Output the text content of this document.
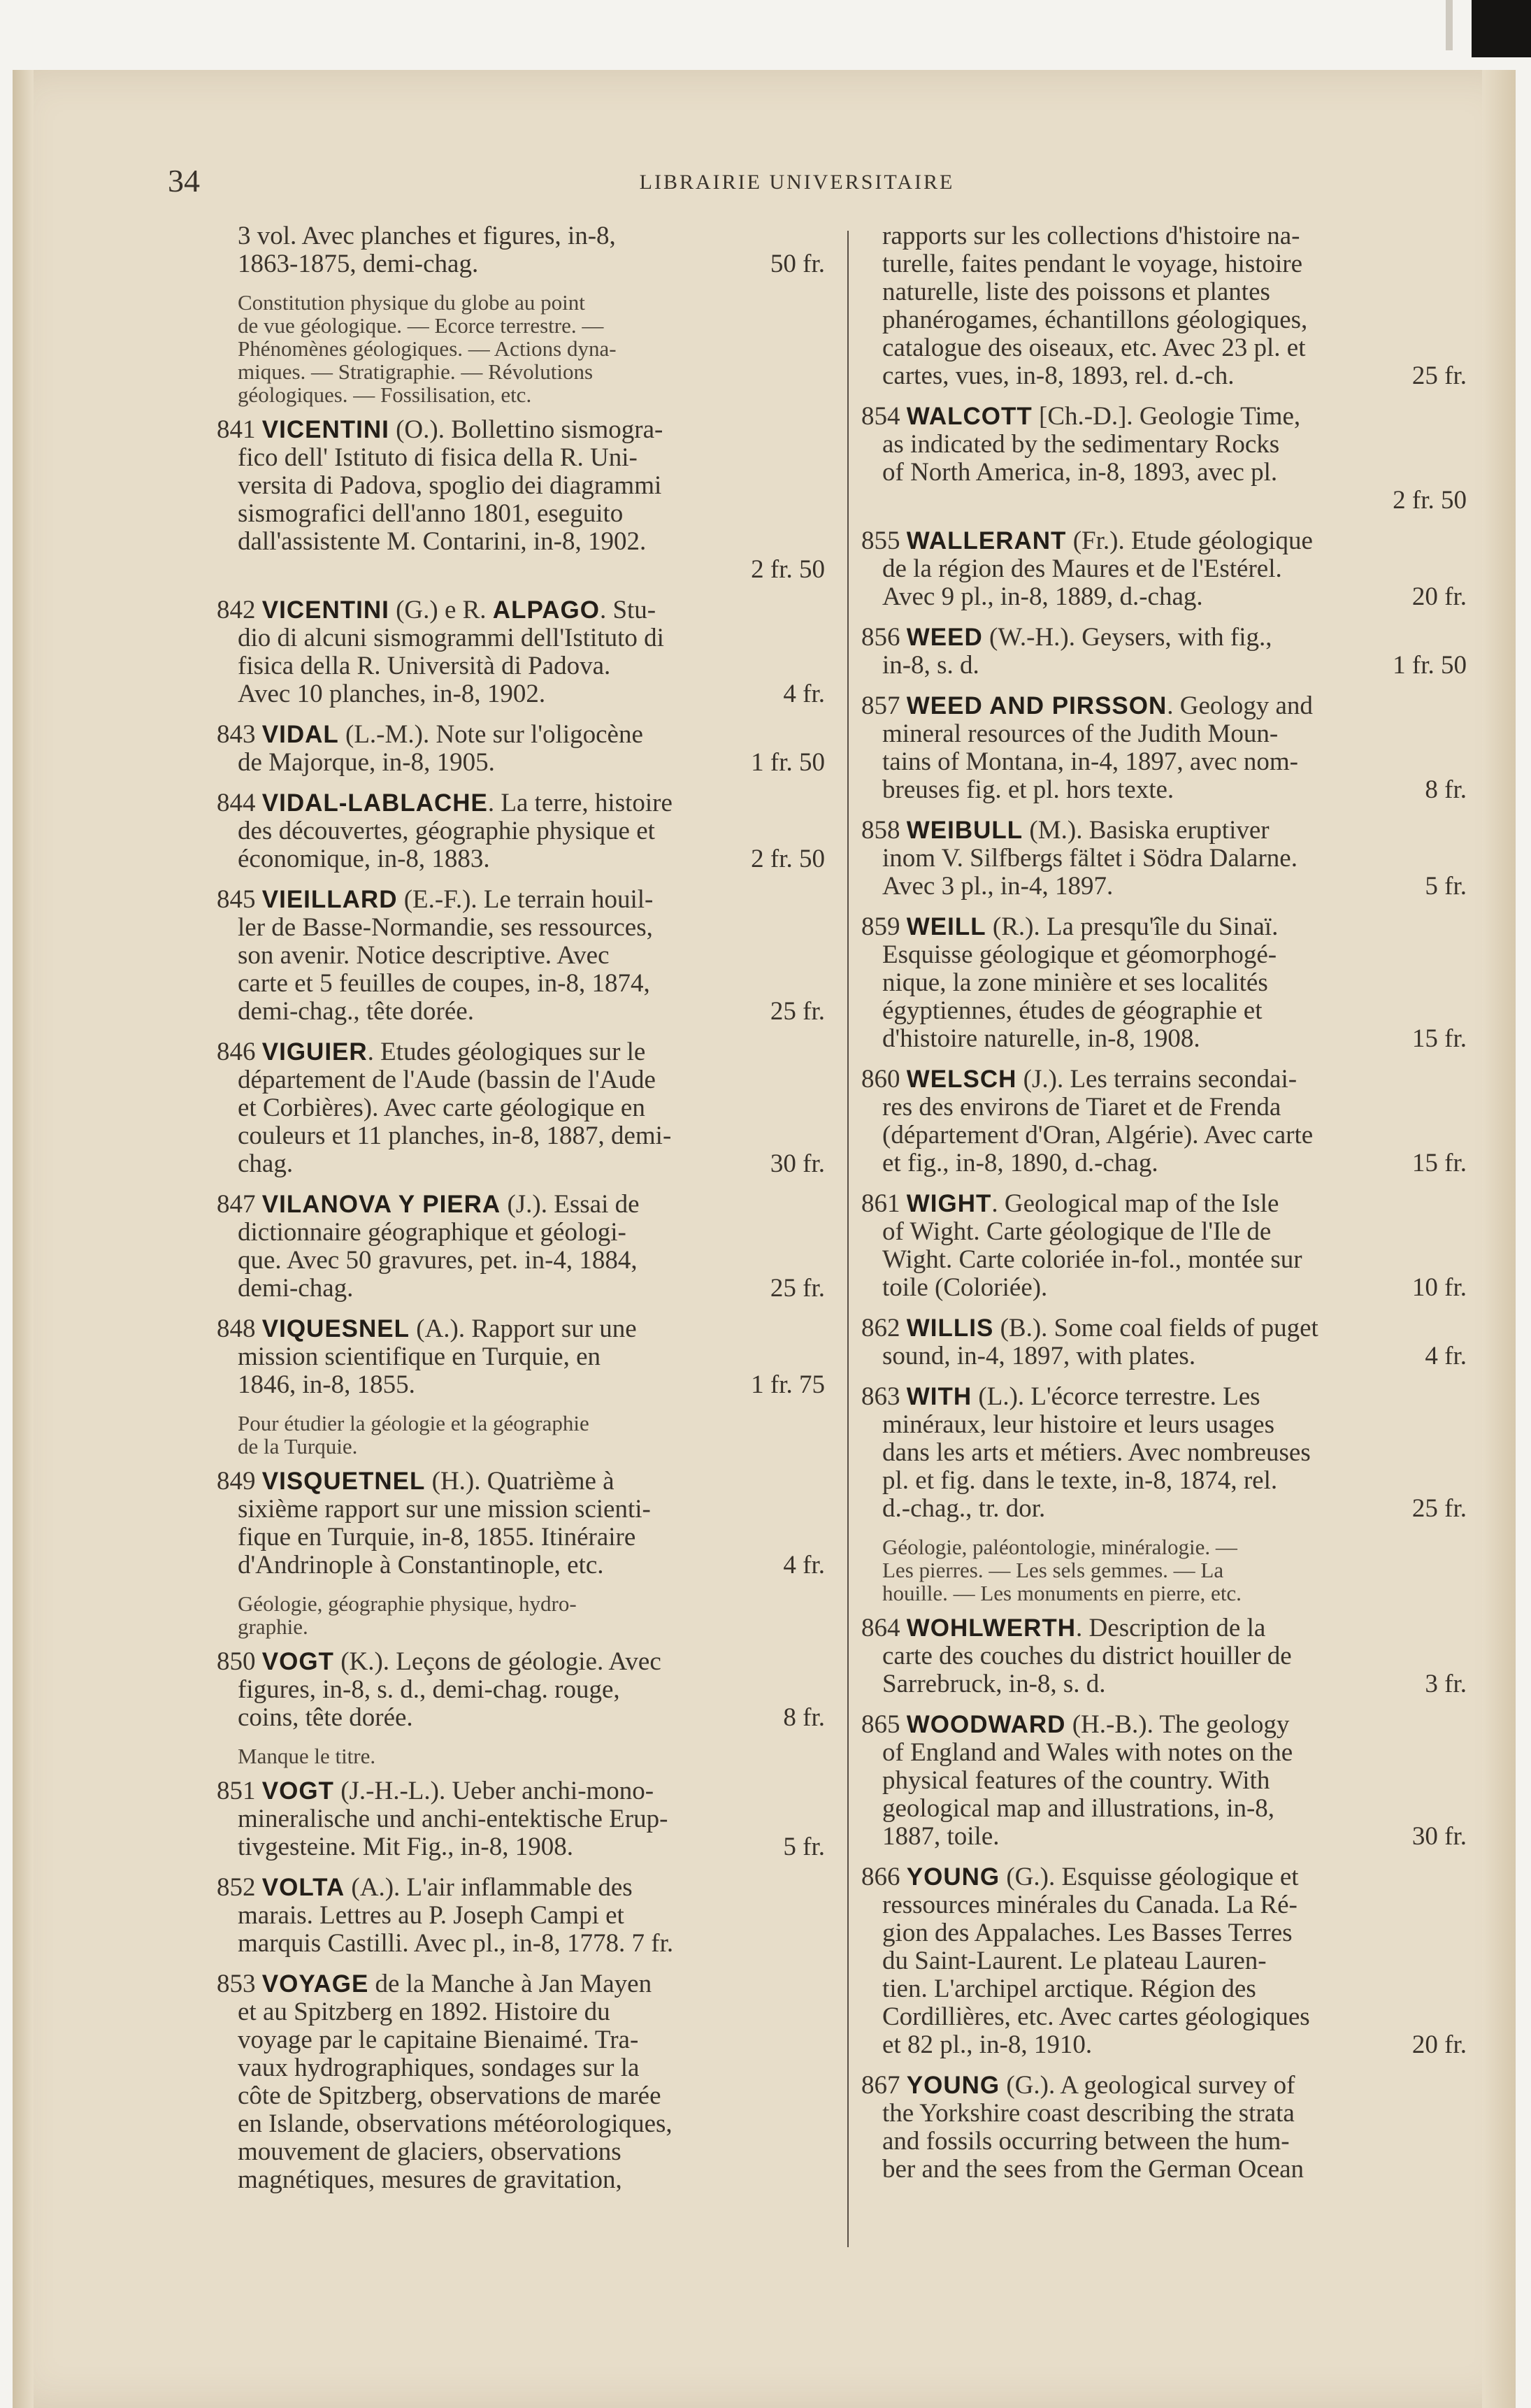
34	LIBRAIRIE UNIVERSITAIRE
3 vol. Avec planches et figures, in-8,
1863-1875, demi-chag.	50 fr.
Constitution physique du globe au point
de vue géologique. — Ecorce terrestre. —
Phénomènes géologiques. — Actions dyna-
miques. — Stratigraphie. — Révolutions
géologiques. — Fossilisation, etc.
841 VICENTINI (O.). Bollettino sismogra-
fico dell' Istituto di fisica della R. Uni-
versita di Padova, spoglio dei diagrammi
sismografici dell'anno 1801, eseguito
dall'assistente M. Contarini, in-8, 1902.
2 fr. 50

842 VICENTINI (G.) e R. ALPAGO. Stu-
dio di alcuni sismogrammi dell'Istituto di
fisica della R. Università di Padova.
Avec 10 planches, in-8, 1902.	4 fr.
843 VIDAL (L.-M.). Note sur l'oligocène
de Majorque, in-8, 1905.	1 fr. 50
844 VIDAL-LABLACHE. La terre, histoire
des découvertes, géographie physique et
économique, in-8, 1883.	2 fr. 50
845 VIEILLARD (E.-F.). Le terrain houil-
ler de Basse-Normandie, ses ressources,
son avenir. Notice descriptive. Avec
carte et 5 feuilles de coupes, in-8, 1874,
demi-chag., tête dorée.	25 fr.
846 VIGUIER. Etudes géologiques sur le
département de l'Aude (bassin de l'Aude
et Corbières). Avec carte géologique en
couleurs et 11 planches, in-8, 1887, demi-
chag.	30 fr.
847 VILANOVA Y PIERA (J.). Essai de
dictionnaire géographique et géologi-
que. Avec 50 gravures, pet. in-4, 1884,
demi-chag.	25 fr.
848 VIQUESNEL (A.). Rapport sur une
mission scientifique en Turquie, en
1846, in-8, 1855.	1 fr. 75
Pour étudier la géologie et la géographie
de la Turquie.
849 VISQUETNEL (H.). Quatrième à
sixième rapport sur une mission scienti-
fique en Turquie, in-8, 1855. Itinéraire
d'Andrinople à Constantinople, etc.	4 fr.
Géologie, géographie physique, hydro-
graphie.
850 VOGT (K.). Leçons de géologie. Avec
figures, in-8, s. d., demi-chag. rouge,
coins, tête dorée.	8 fr.
Manque le titre.
851 VOGT (J.-H.-L.). Ueber anchi-mono-
mineralische und anchi-entektische Erup-
tivgesteine. Mit Fig., in-8, 1908.	5 fr.
852 VOLTA (A.). L'air inflammable des
marais. Lettres au P. Joseph Campi et
marquis Castilli. Avec pl., in-8, 1778. 7 fr.
853 VOYAGE de la Manche à Jan Mayen
et au Spitzberg en 1892. Histoire du
voyage par le capitaine Bienaimé. Tra-
vaux hydrographiques, sondages sur la
côte de Spitzberg, observations de marée
en Islande, observations météorologiques,
mouvement de glaciers, observations
magnétiques, mesures de gravitation,
rapports sur les collections d'histoire na-
turelle, faites pendant le voyage, histoire
naturelle, liste des poissons et plantes
phanérogames, échantillons géologiques,
catalogue des oiseaux, etc. Avec 23 pl. et
cartes, vues, in-8, 1893, rel. d.-ch.	25 fr.
854 WALCOTT [Ch.-D.]. Geologie Time,
as indicated by the sedimentary Rocks
of North America, in-8, 1893, avec pl.
2 fr. 50

855 WALLERANT (Fr.). Etude géologique
de la région des Maures et de l'Estérel.
Avec 9 pl., in-8, 1889, d.-chag.	20 fr.
856 WEED (W.-H.). Geysers, with fig.,
in-8, s. d.	1 fr. 50
857 WEED AND PIRSSON. Geology and
mineral resources of the Judith Moun-
tains of Montana, in-4, 1897, avec nom-
breuses fig. et pl. hors texte.	8 fr.
858 WEIBULL (M.). Basiska eruptiver
inom V. Silfbergs fältet i Södra Dalarne.
Avec 3 pl., in-4, 1897.	5 fr.
859 WEILL (R.). La presqu'île du Sinaï.
Esquisse géologique et géomorphogé-
nique, la zone minière et ses localités
égyptiennes, études de géographie et
d'histoire naturelle, in-8, 1908.	15 fr.
860 WELSCH (J.). Les terrains secondai-
res des environs de Tiaret et de Frenda
(département d'Oran, Algérie). Avec carte
et fig., in-8, 1890, d.-chag.	15 fr.
861 WIGHT. Geological map of the Isle
of Wight. Carte géologique de l'Ile de
Wight. Carte coloriée in-fol., montée sur
toile (Coloriée).	10 fr.
862 WILLIS (B.). Some coal fields of puget
sound, in-4, 1897, with plates.	4 fr.
863 WITH (L.). L'écorce terrestre. Les
minéraux, leur histoire et leurs usages
dans les arts et métiers. Avec nombreuses
pl. et fig. dans le texte, in-8, 1874, rel.
d.-chag., tr. dor.	25 fr.
Géologie, paléontologie, minéralogie. —
Les pierres. — Les sels gemmes. — La
houille. — Les monuments en pierre, etc.
864 WOHLWERTH. Description de la
carte des couches du district houiller de
Sarrebruck, in-8, s. d.	3 fr.
865 WOODWARD (H.-B.). The geology
of England and Wales with notes on the
physical features of the country. With
geological map and illustrations, in-8,
1887, toile.	30 fr.
866 YOUNG (G.). Esquisse géologique et
ressources minérales du Canada. La Ré-
gion des Appalaches. Les Basses Terres
du Saint-Laurent. Le plateau Lauren-
tien. L'archipel arctique. Région des
Cordillières, etc. Avec cartes géologiques
et 82 pl., in-8, 1910.	20 fr.
867 YOUNG (G.). A geological survey of
the Yorkshire coast describing the strata
and fossils occurring between the hum-
ber and the sees from the German Ocean
